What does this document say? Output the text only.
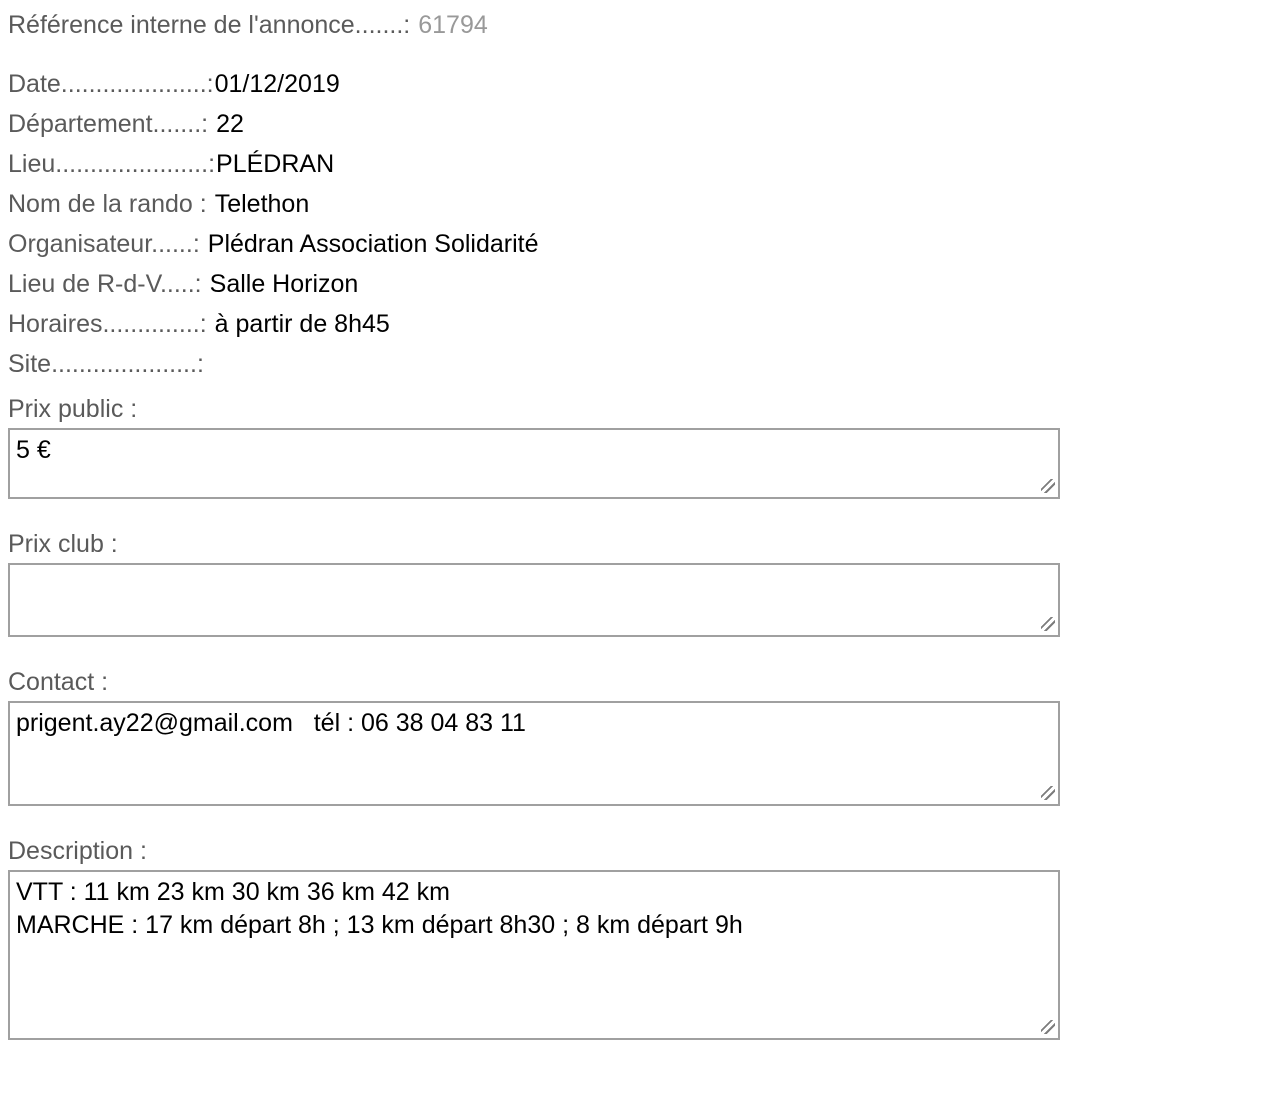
Référence interne de l'annonce.......: 61794
Date.....................:01/12/2019
Département.......: 22
Lieu......................:PLÉDRAN
Nom de la rando : Telethon
Organisateur......: Plédran Association Solidarité
Lieu de R-d-V.....: Salle Horizon
Horaires..............: à partir de 8h45
Site.....................:
Prix public :
5 €
Prix club :
Contact :
prigent.ay22@gmail.com tél : 06 38 04 83 11
Description :
VTT : 11 km 23 km 30 km 36 km 42 km MARCHE : 17 km départ 8h ; 13 km départ 8h30 ; 8 km départ 9h
